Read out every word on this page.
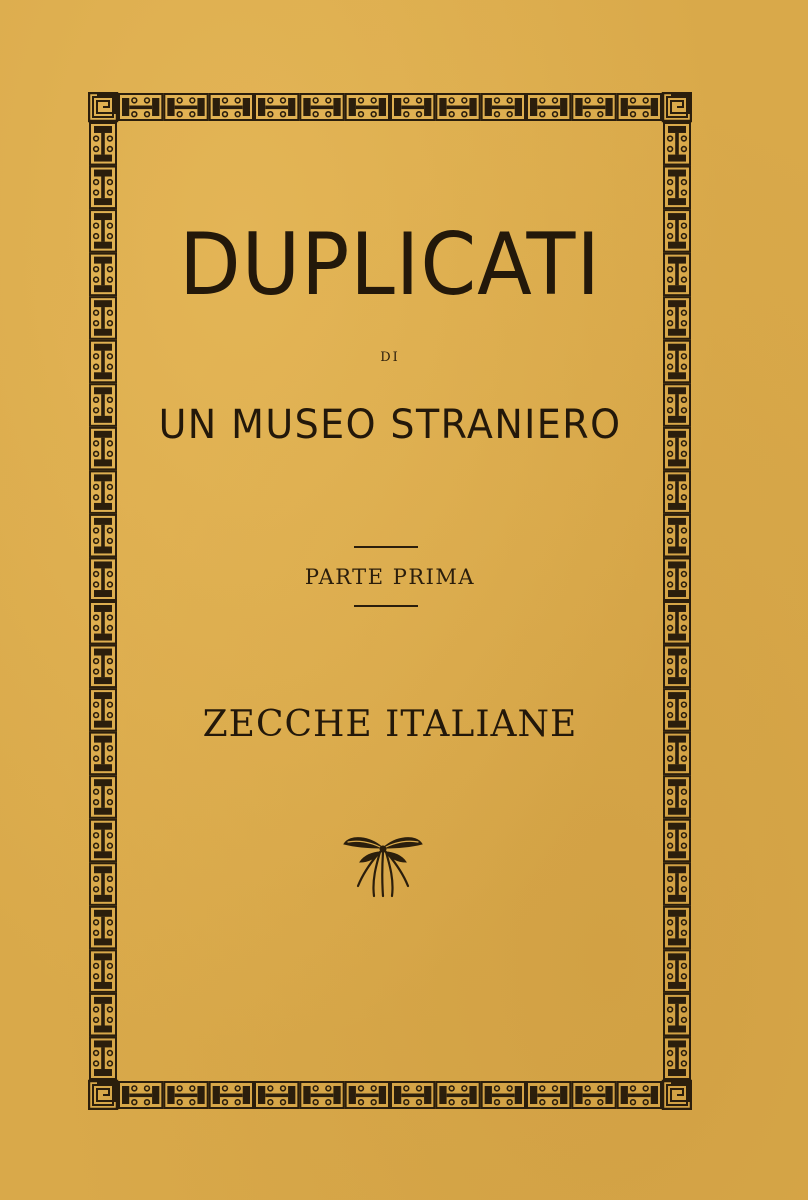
DUPLICATI
DI
UN MUSEO STRANIERO
PARTE PRIMA
ZECCHE ITALIANE
